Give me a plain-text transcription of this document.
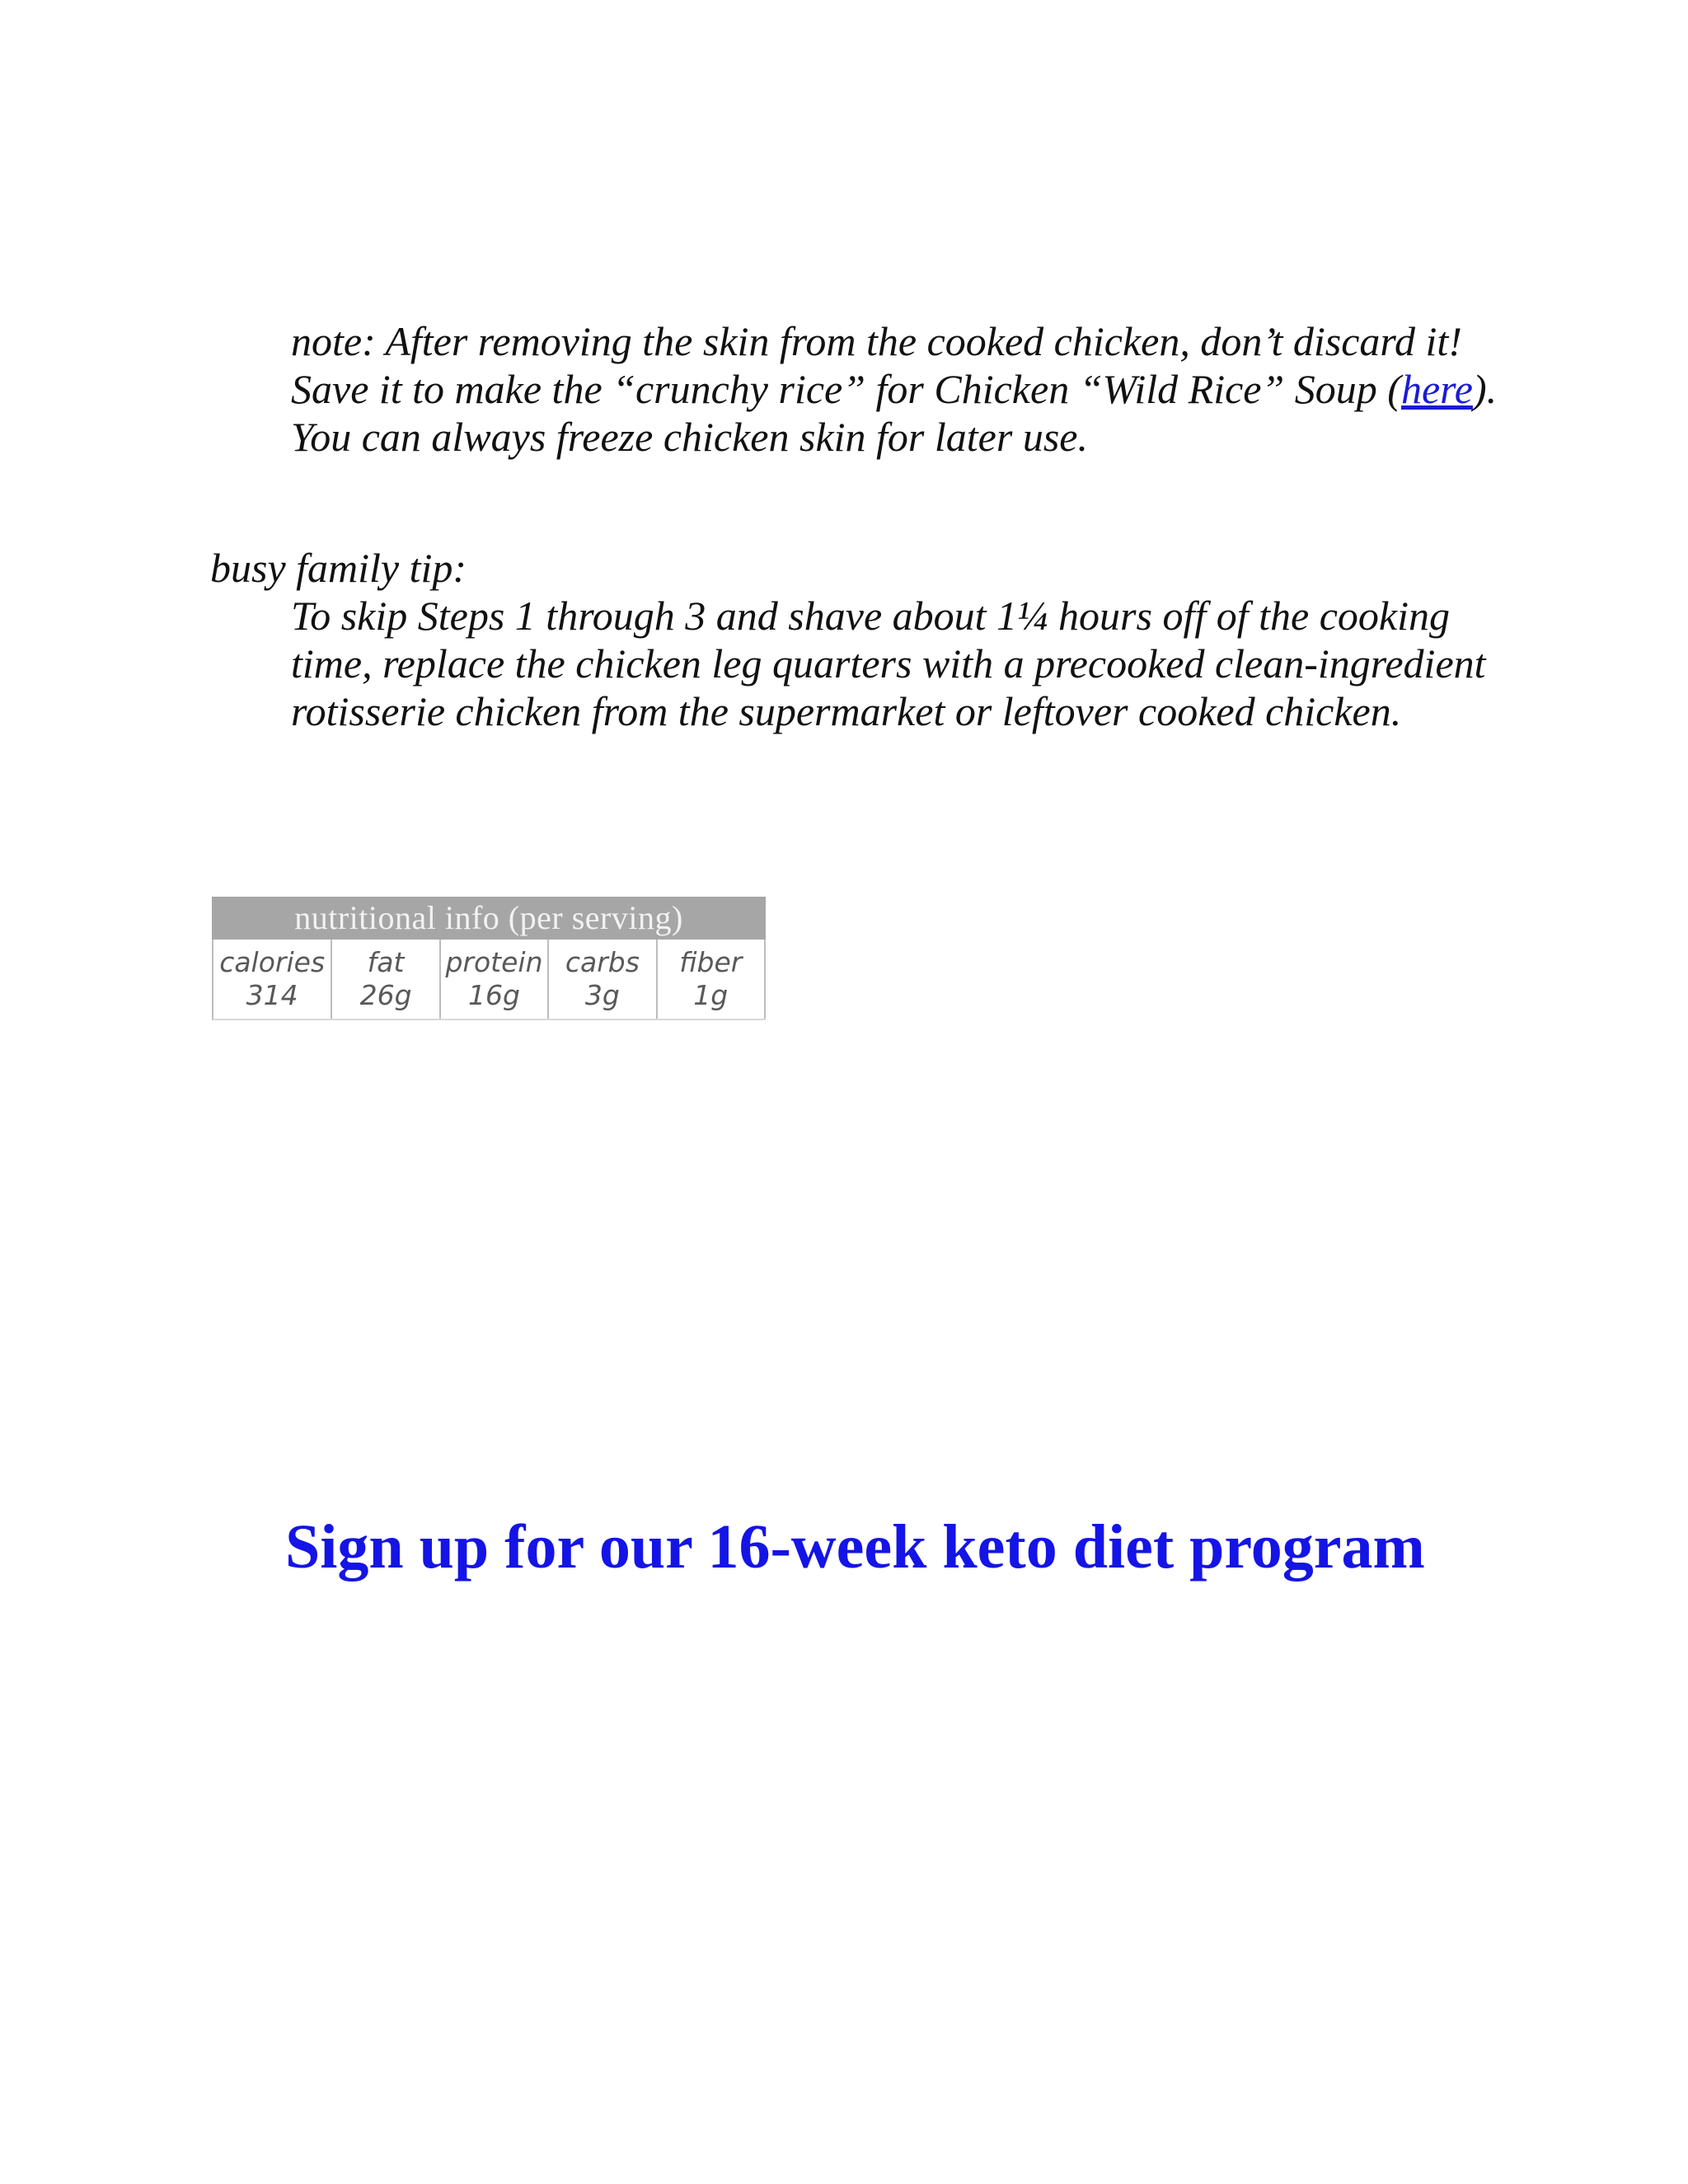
note: After removing the skin from the cooked chicken, don’t discard it! Save it to make the “crunchy rice” for Chicken “Wild Rice” Soup (here). You can always freeze chicken skin for later use.

busy family tip:

To skip Steps 1 through 3 and shave about 1¼ hours off of the cooking time, replace the chicken leg quarters with a precooked clean-ingredient rotisserie chicken from the supermarket or leftover cooked chicken.

nutritional info (per serving)
calories
314
fat
26g
protein
16g
carbs
3g
fiber
1g
Sign up for our 16-week keto diet program
